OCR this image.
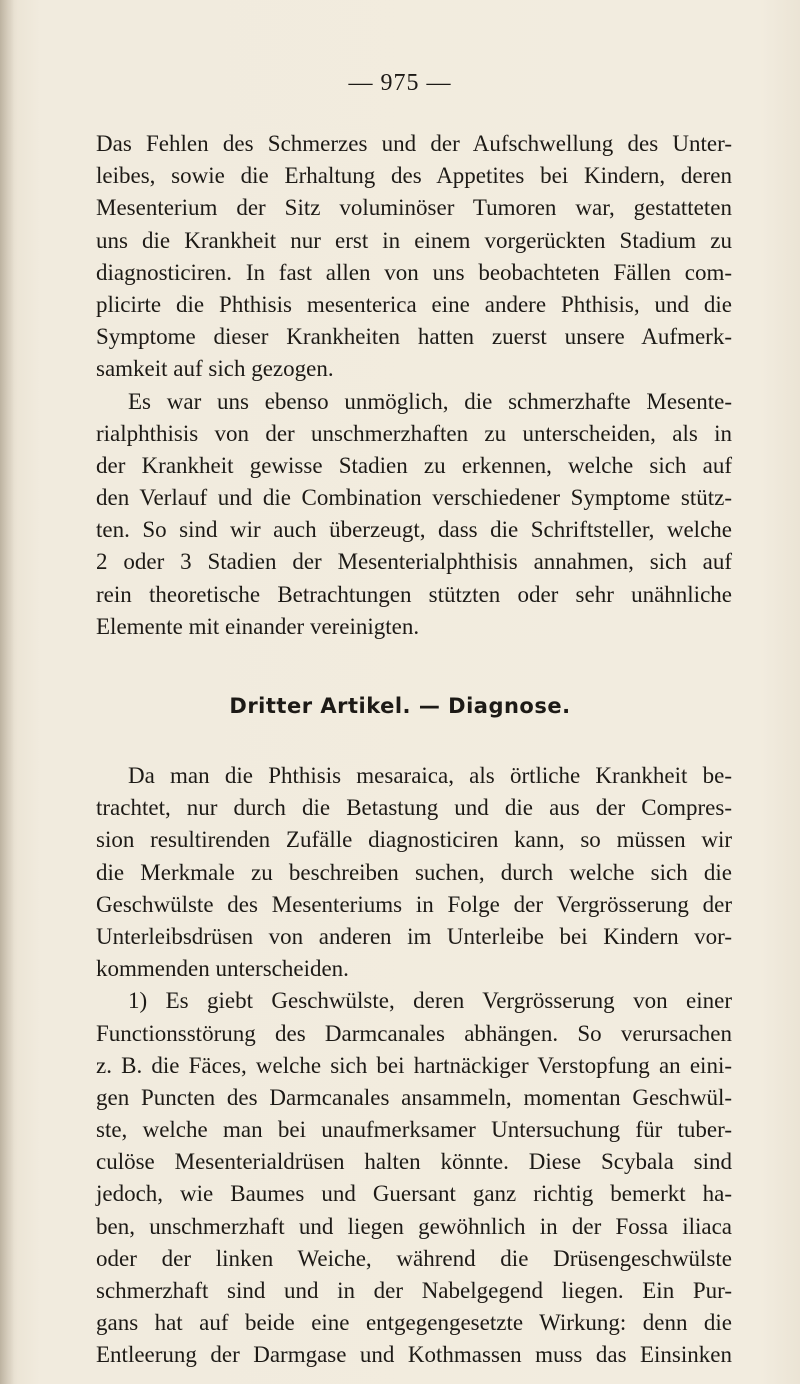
— 975 —
Das Fehlen des Schmerzes und der Aufschwellung des Unter-
leibes, sowie die Erhaltung des Appetites bei Kindern, deren
Mesenterium der Sitz voluminöser Tumoren war, gestatteten
uns die Krankheit nur erst in einem vorgerückten Stadium zu
diagnosticiren. In fast allen von uns beobachteten Fällen com-
plicirte die Phthisis mesenterica eine andere Phthisis, und die
Symptome dieser Krankheiten hatten zuerst unsere Aufmerk-
samkeit auf sich gezogen.
Es war uns ebenso unmöglich, die schmerzhafte Mesente-
rialphthisis von der unschmerzhaften zu unterscheiden, als in
der Krankheit gewisse Stadien zu erkennen, welche sich auf
den Verlauf und die Combination verschiedener Symptome stütz-
ten. So sind wir auch überzeugt, dass die Schriftsteller, welche
2 oder 3 Stadien der Mesenterialphthisis annahmen, sich auf
rein theoretische Betrachtungen stützten oder sehr unähnliche
Elemente mit einander vereinigten.
Dritter Artikel. — Diagnose.
Da man die Phthisis mesaraica, als örtliche Krankheit be-
trachtet, nur durch die Betastung und die aus der Compres-
sion resultirenden Zufälle diagnosticiren kann, so müssen wir
die Merkmale zu beschreiben suchen, durch welche sich die
Geschwülste des Mesenteriums in Folge der Vergrösserung der
Unterleibsdrüsen von anderen im Unterleibe bei Kindern vor-
kommenden unterscheiden.
1) Es giebt Geschwülste, deren Vergrösserung von einer
Functionsstörung des Darmcanales abhängen. So verursachen
z. B. die Fäces, welche sich bei hartnäckiger Verstopfung an eini-
gen Puncten des Darmcanales ansammeln, momentan Geschwül-
ste, welche man bei unaufmerksamer Untersuchung für tuber-
culöse Mesenterialdrüsen halten könnte. Diese Scybala sind
jedoch, wie Baumes und Guersant ganz richtig bemerkt ha-
ben, unschmerzhaft und liegen gewöhnlich in der Fossa iliaca
oder der linken Weiche, während die Drüsengeschwülste
schmerzhaft sind und in der Nabelgegend liegen. Ein Pur-
gans hat auf beide eine entgegengesetzte Wirkung: denn die
Entleerung der Darmgase und Kothmassen muss das Einsinken
